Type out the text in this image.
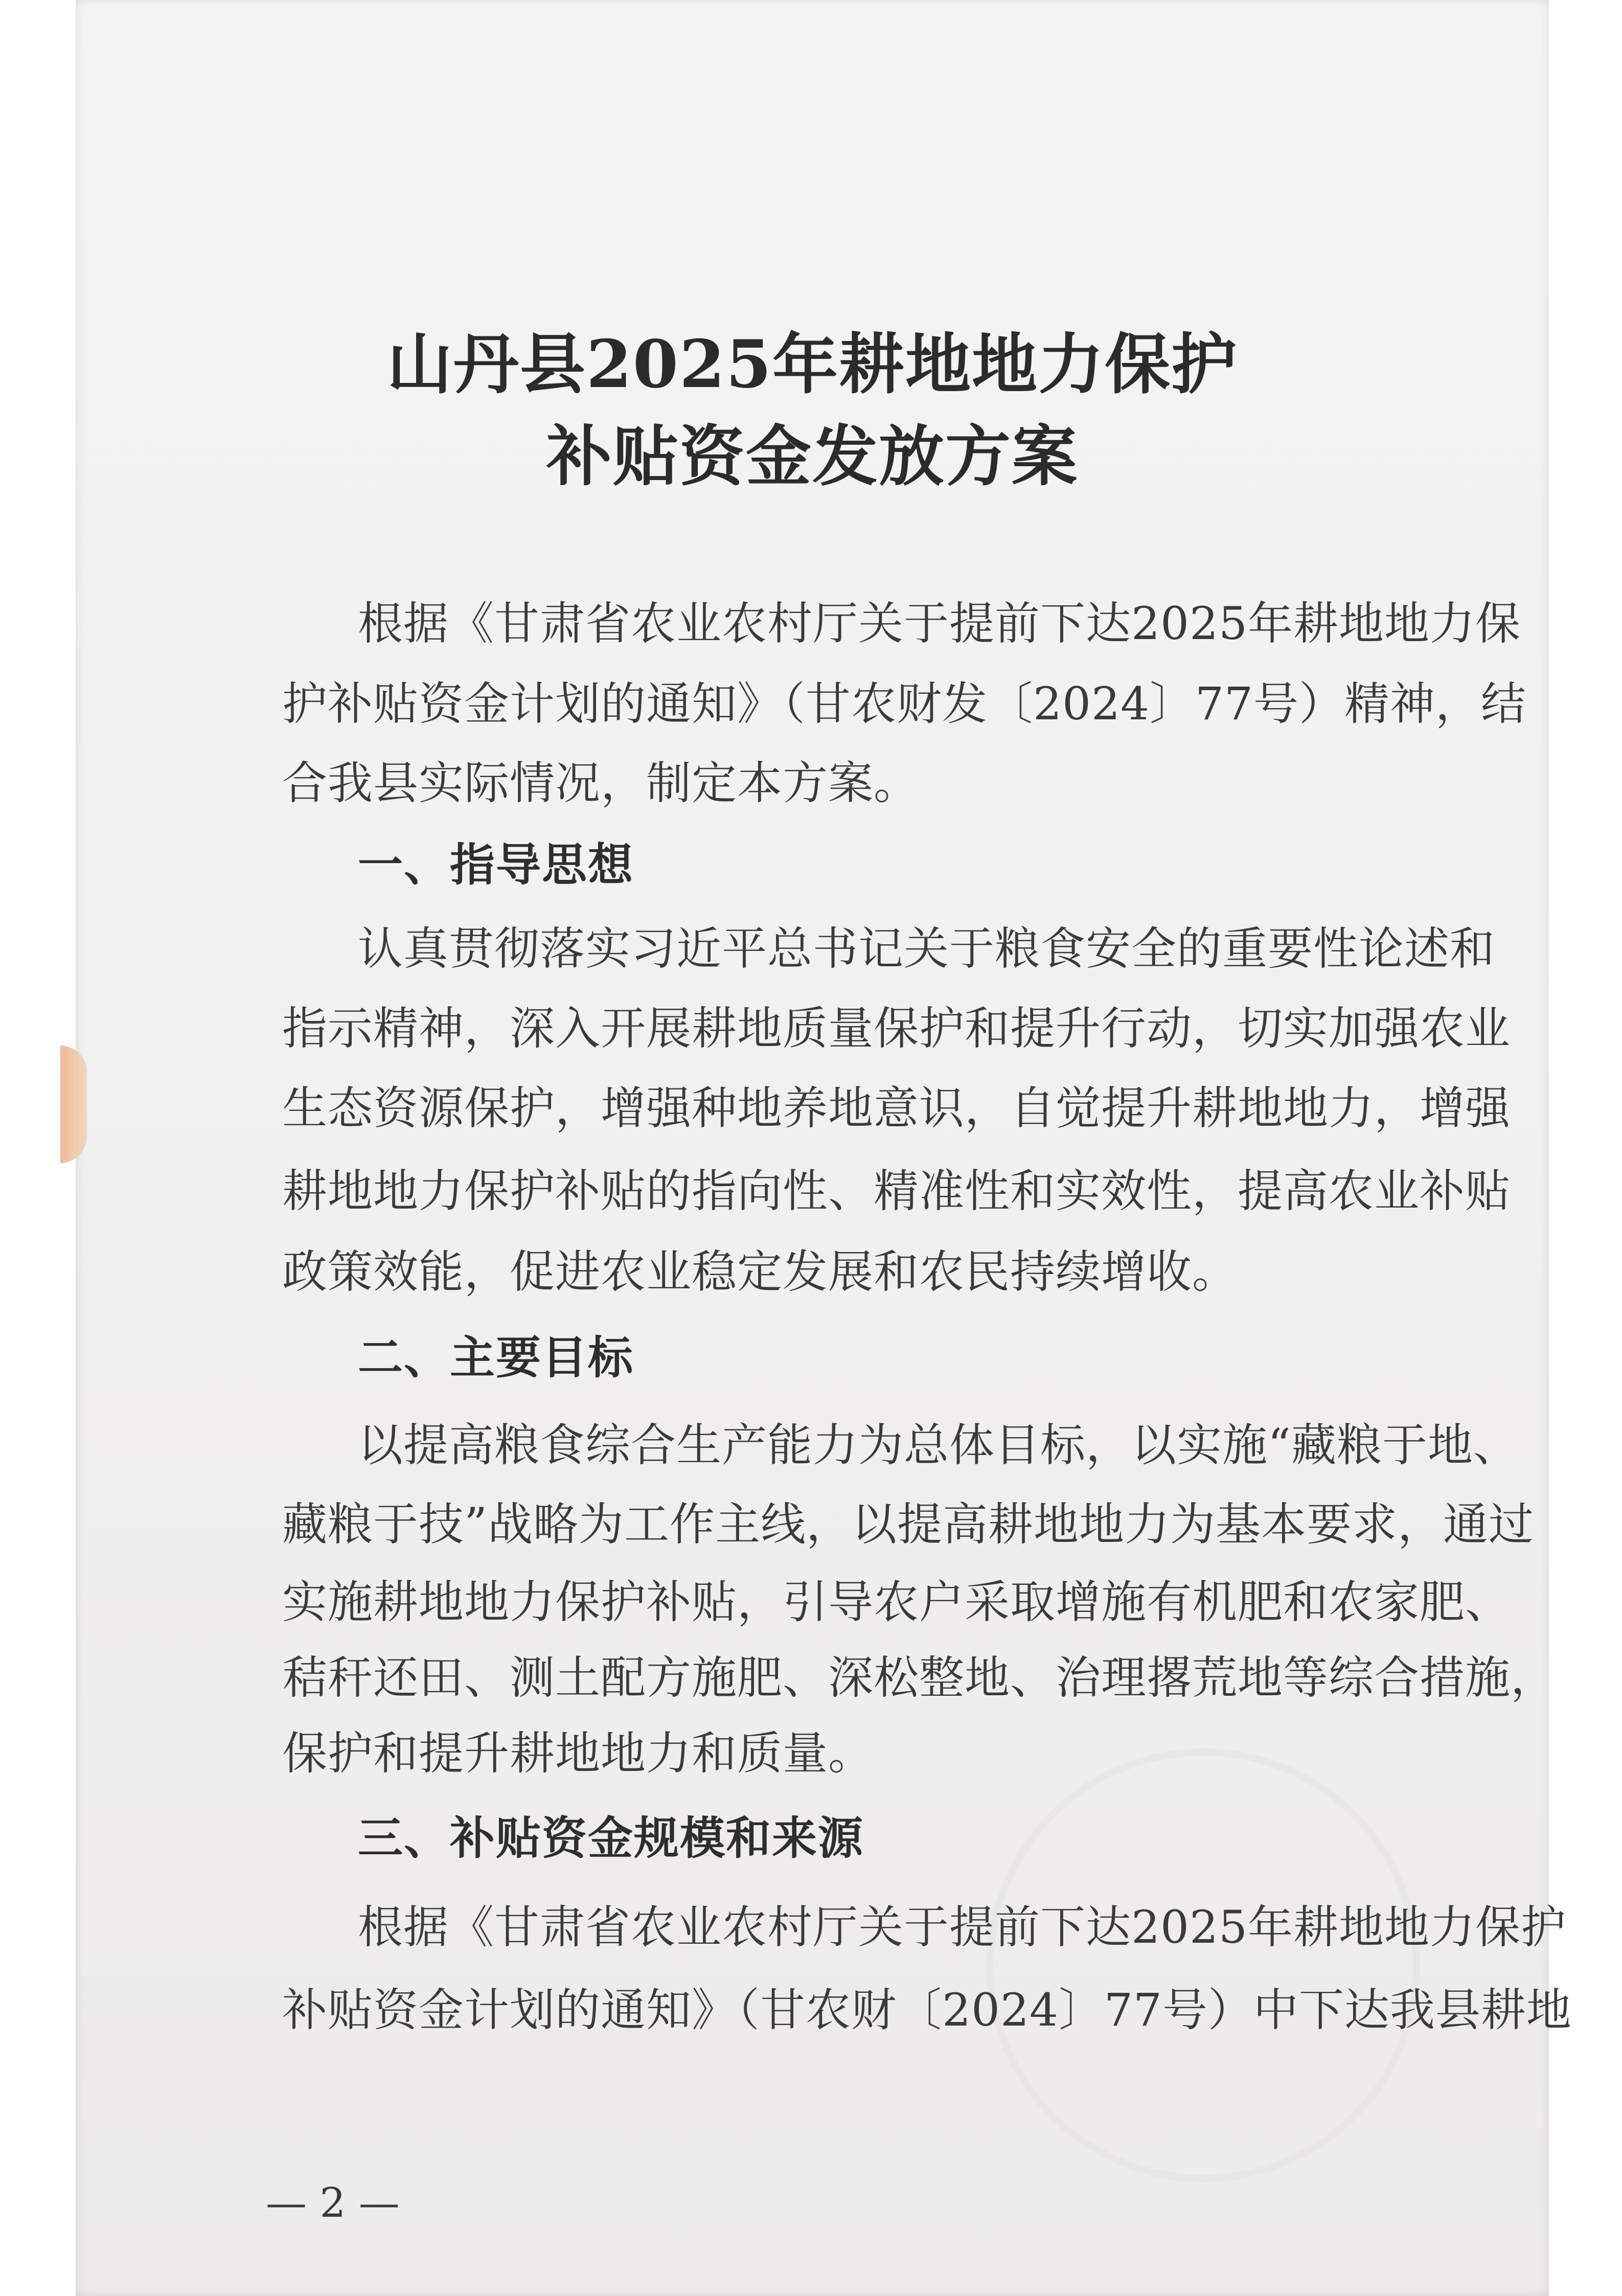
山丹县2025年耕地地力保护
补贴资金发放方案
根据《甘肃省农业农村厅关于提前下达2025年耕地地力保
护补贴资金计划的通知》（甘农财发〔2024〕77号）精神，结
合我县实际情况，制定本方案。
一、指导思想
认真贯彻落实习近平总书记关于粮食安全的重要性论述和
指示精神，深入开展耕地质量保护和提升行动，切实加强农业
生态资源保护，增强种地养地意识，自觉提升耕地地力，增强
耕地地力保护补贴的指向性、精准性和实效性，提高农业补贴
政策效能，促进农业稳定发展和农民持续增收。
二、主要目标
以提高粮食综合生产能力为总体目标，以实施“藏粮于地、
藏粮于技”战略为工作主线，以提高耕地地力为基本要求，通过
实施耕地地力保护补贴，引导农户采取增施有机肥和农家肥、
秸秆还田、测土配方施肥、深松整地、治理撂荒地等综合措施，
保护和提升耕地地力和质量。
三、补贴资金规模和来源
根据《甘肃省农业农村厅关于提前下达2025年耕地地力保护
补贴资金计划的通知》（甘农财〔2024〕77号）中下达我县耕地
— 2 —
